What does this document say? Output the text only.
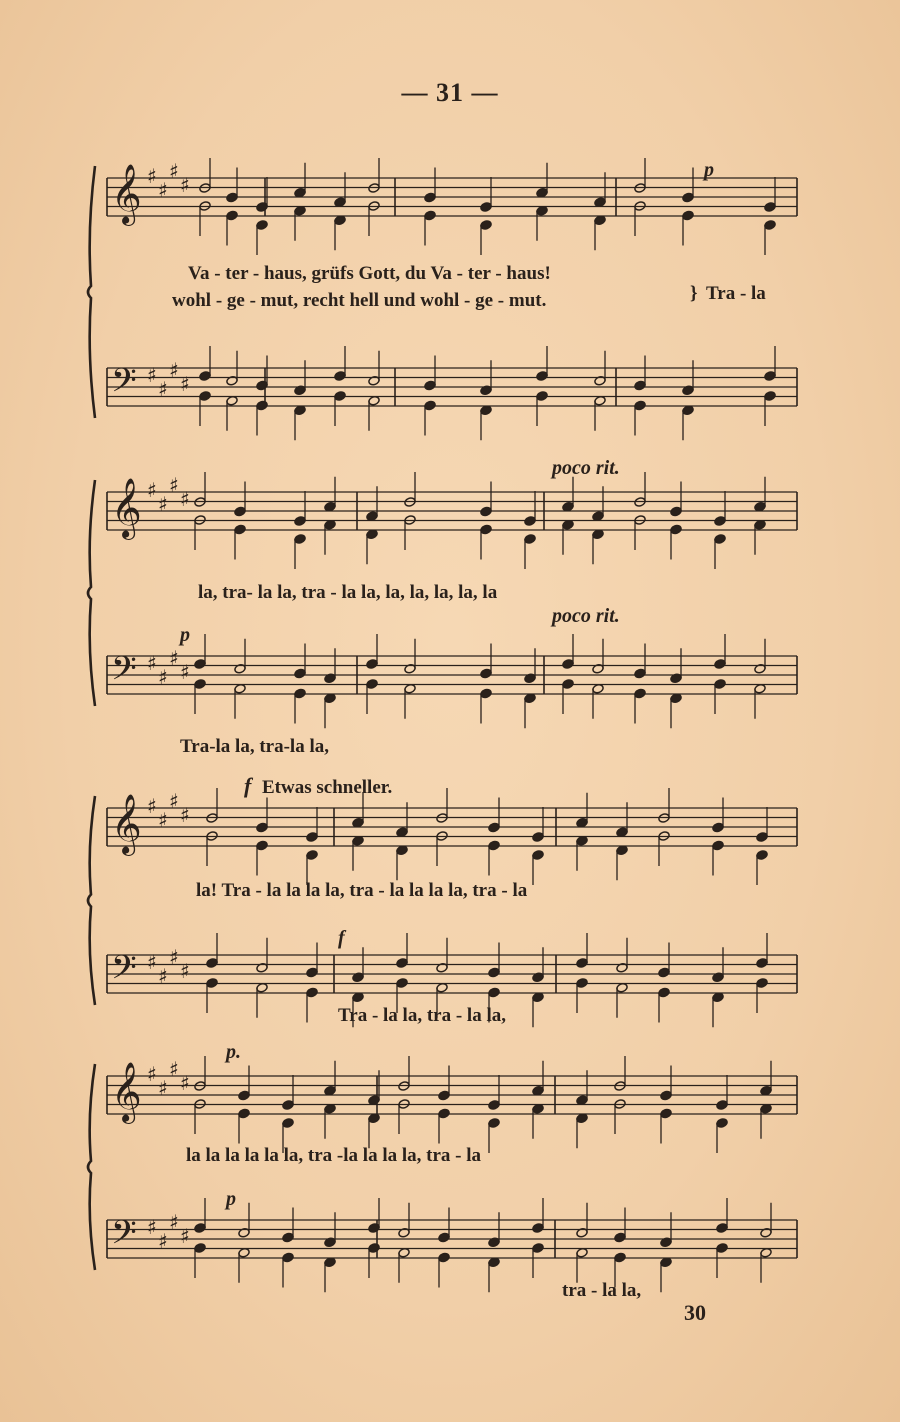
— 31 —
30
𝄞 ♯
♯
♯
♯
𝄢 ♯
♯
♯
♯
𝄞 ♯
♯
♯
♯
𝄢 ♯
♯
♯
♯
𝄞 ♯
♯
♯
♯
𝄢 ♯
♯
♯
♯
𝄞 ♯
♯
♯
♯
𝄢 ♯
♯
♯
♯
Va - ter - haus, grüfs Gott, du Va - ter - haus!
wohl - ge - mut, recht hell und wohl - ge - mut.	} Tra - la
p
poco rit.
la, tra- la la, tra - la la, la, la, la, la, la
poco rit.
p
Tra-la la, tra-la la,
f Etwas schneller.
la! Tra - la la la la, tra - la la la la, tra - la
f
Tra - la la, tra - la la,
p.
la la la la la la, tra -la la la la, tra - la
p
tra - la la,
